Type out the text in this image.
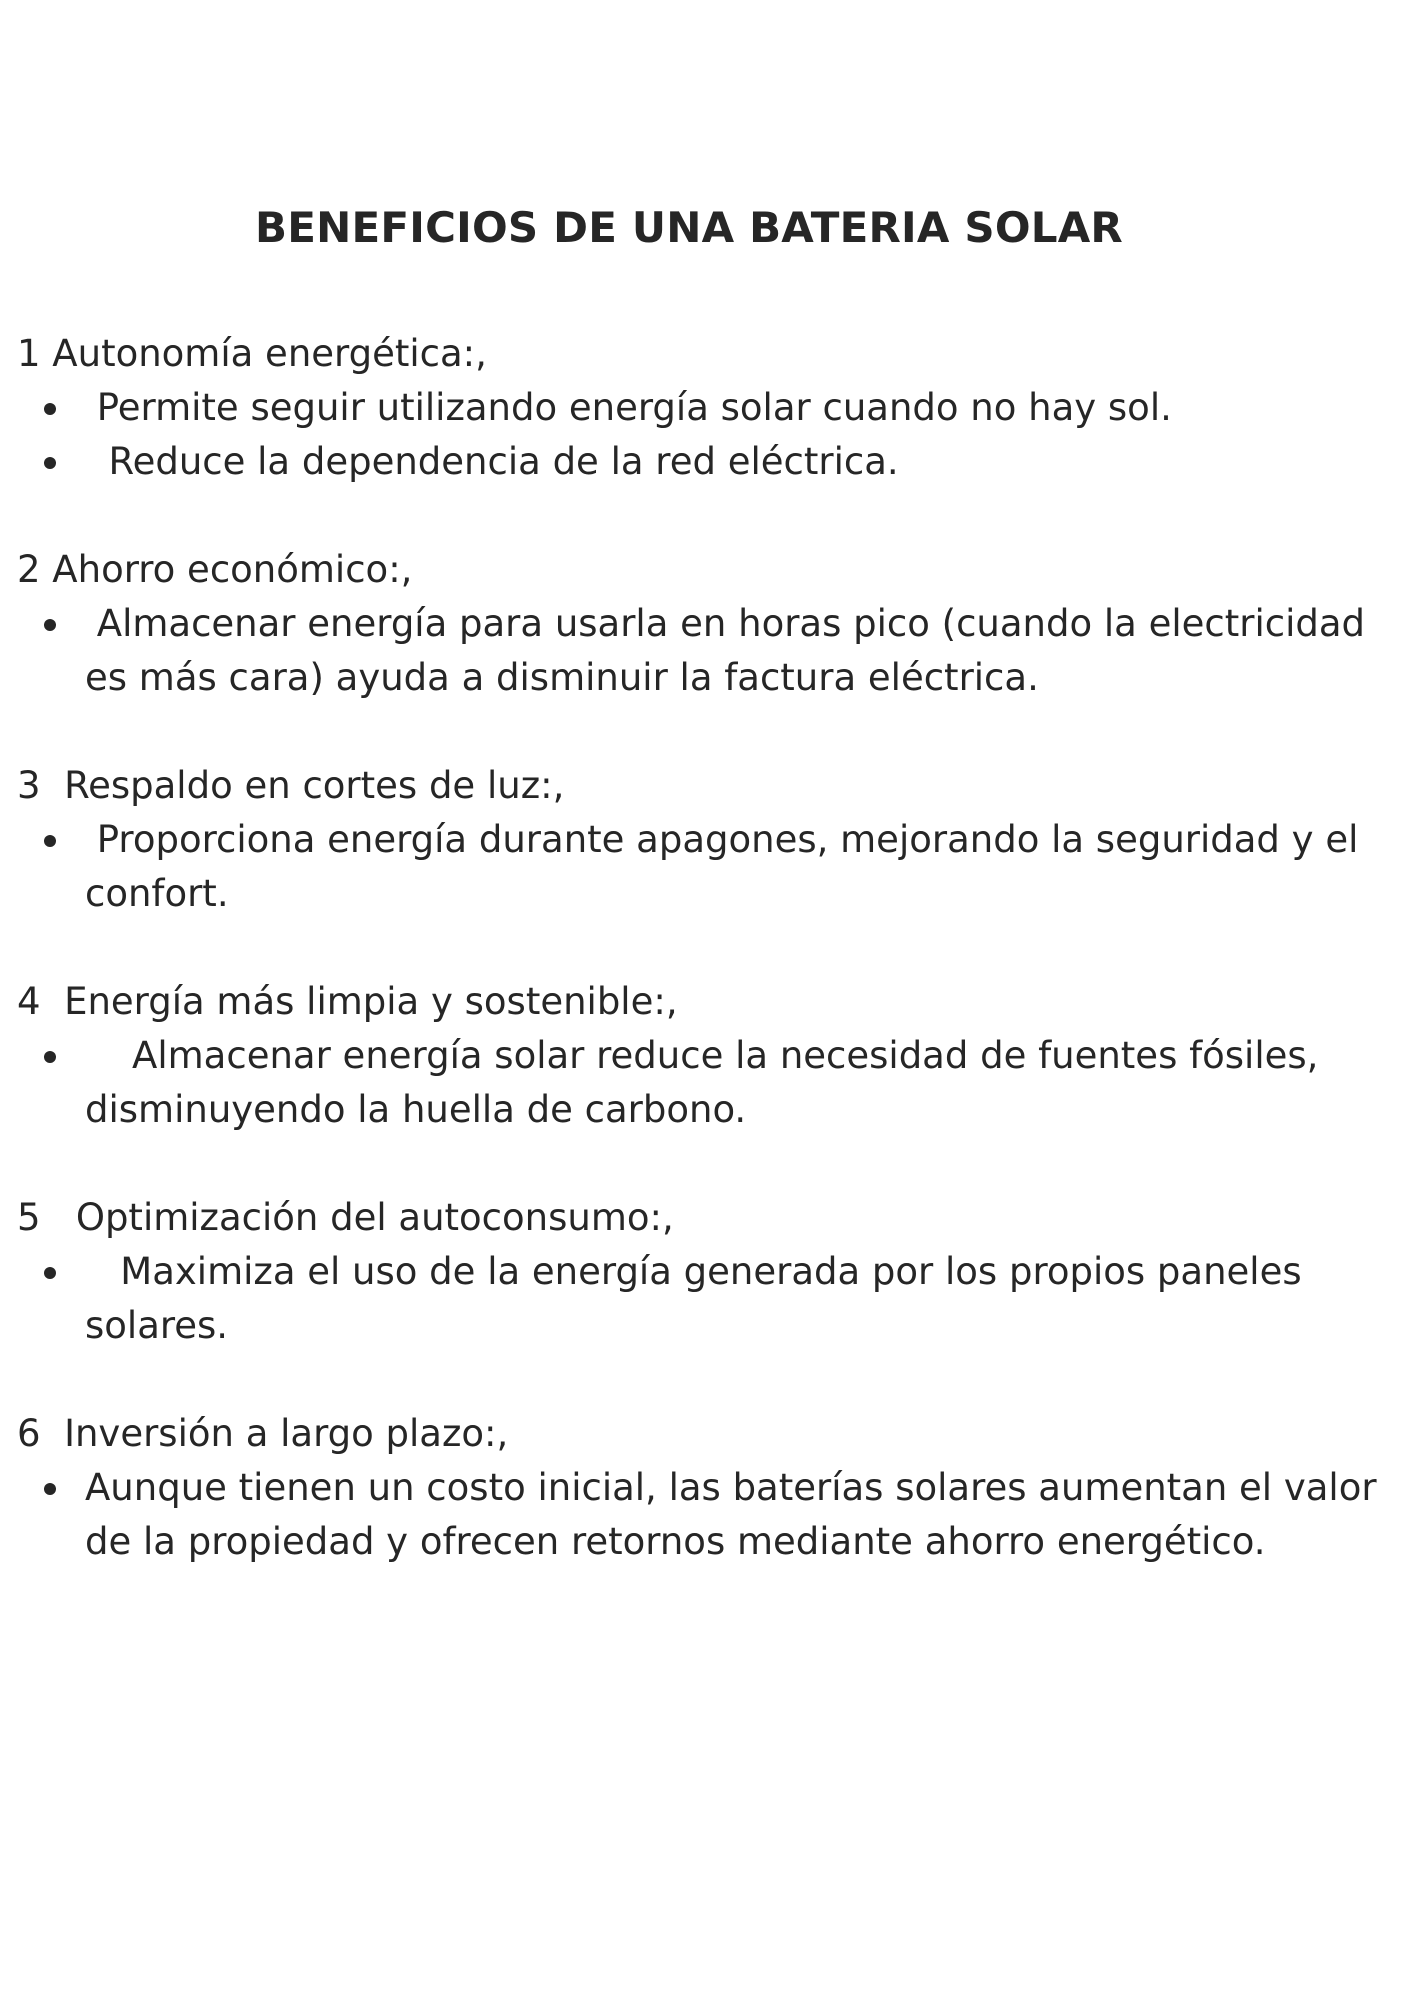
BENEFICIOS DE UNA BATERIA SOLAR

1 Autonomía energética:,

Permite seguir utilizando energía solar cuando no hay sol.
Reduce la dependencia de la red eléctrica.

2 Ahorro económico:,

Almacenar energía para usarla en horas pico (cuando la electricidad es más cara) ayuda a disminuir la factura eléctrica.

3  Respaldo en cortes de luz:,

Proporciona energía durante apagones, mejorando la seguridad y el confort.

4  Energía más limpia y sostenible:,

Almacenar energía solar reduce la necesidad de fuentes fósiles, disminuyendo la huella de carbono.

5   Optimización del autoconsumo:,

Maximiza el uso de la energía generada por los propios paneles solares.

6  Inversión a largo plazo:,

Aunque tienen un costo inicial, las baterías solares aumentan el valor de la propiedad y ofrecen retornos mediante ahorro energético.
